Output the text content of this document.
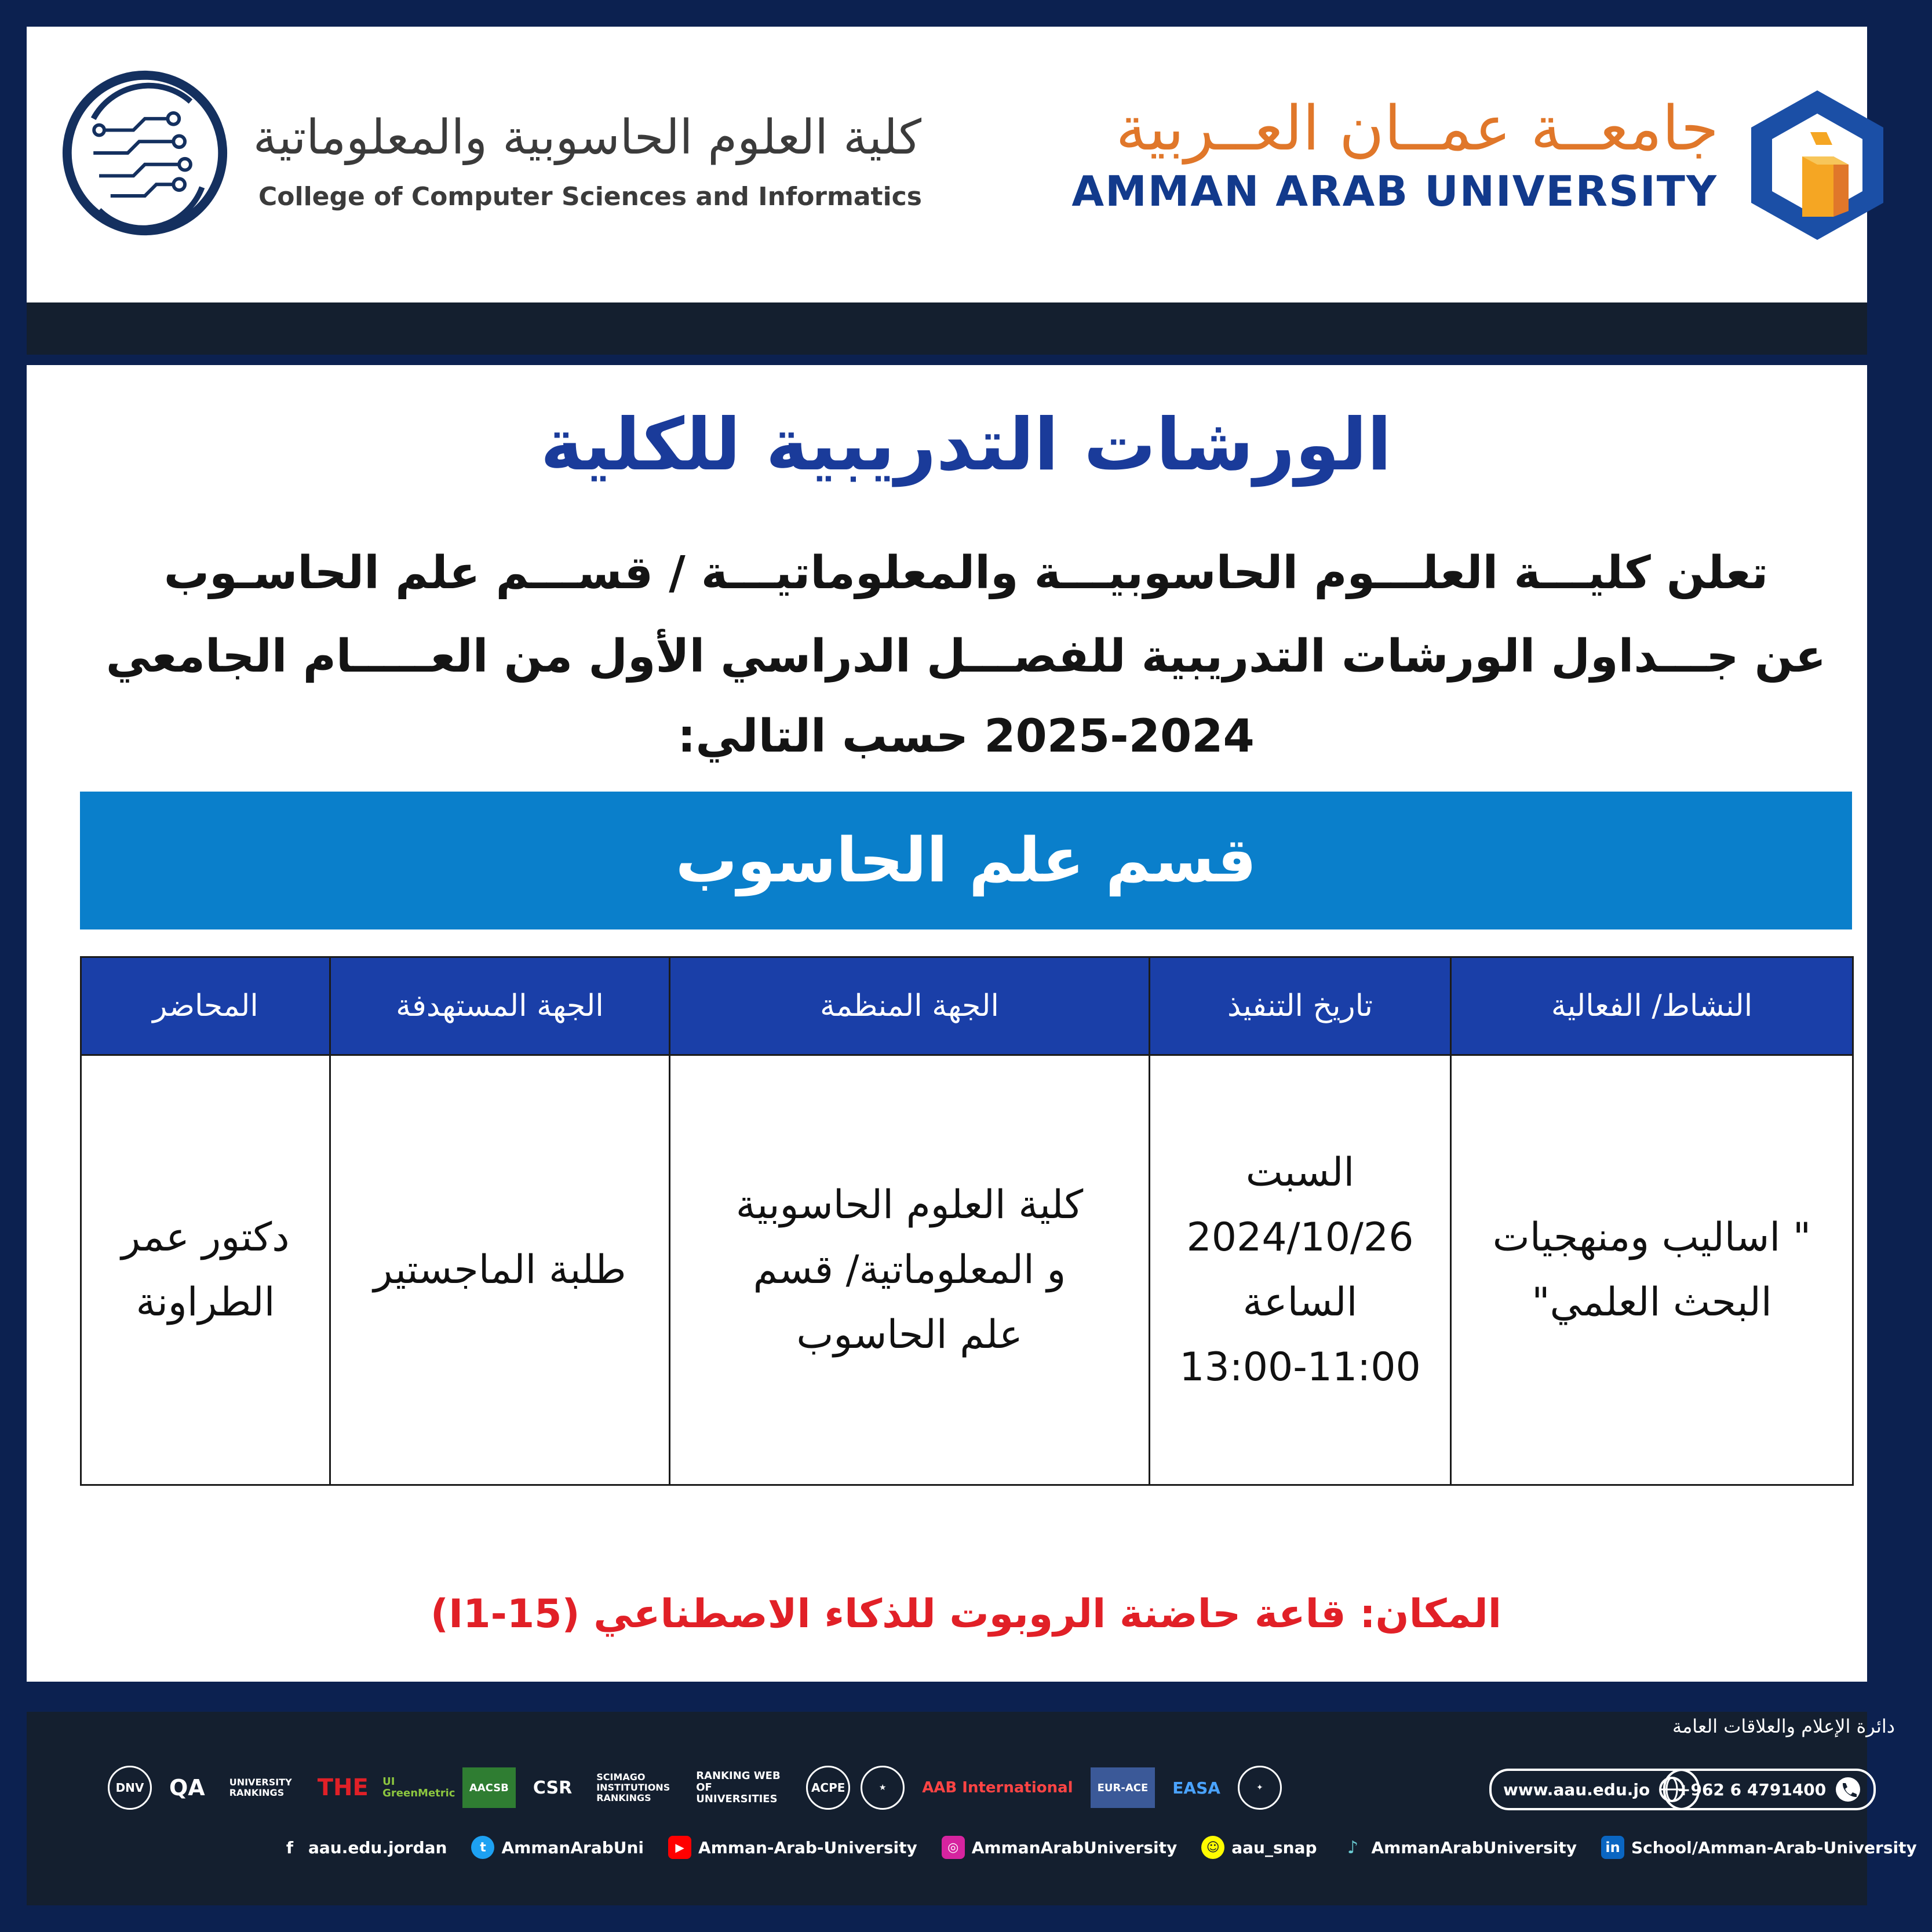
كلية العلوم الحاسوبية والمعلوماتية
College of Computer Sciences and Informatics
جامعــة عمــان العــربية
AMMAN ARAB UNIVERSITY
الورشات التدريبية للكلية
تعلن كليـــة العلـــوم الحاسوبيـــة والمعلوماتيـــة / قســـم علم الحاسـوب
عن جـــداول الورشات التدريبية للفصـــل الدراسي الأول من العـــــام الجامعي
2025-2024 حسب التالي:
قسم علم الحاسوب
النشاط/ الفعالية	تاريخ التنفيذ	الجهة المنظمة	الجهة المستهدفة	المحاضر
" اساليب ومنهجيات
البحث العلمي"	السبت
2024/10/26
الساعة
13:00-11:00	كلية العلوم الحاسوبية
و المعلوماتية/ قسم
علم الحاسوب	طلبة الماجستير	دكتور عمر
الطراونة
المكان: قاعة حاضنة الروبوت للذكاء الاصطناعي (15-I1)
دائرة الإعلام والعلاقات العامة
DNV	QA	UNIVERSITY RANKINGS	THE	UI GreenMetric	AACSB	CSR
SCIMAGO INSTITUTIONS RANKINGS
RANKING WEB OF UNIVERSITIES
ACPE	★	AAB International	EUR-ACE	EASA	✦	www.aau.edu.jo +962 6 4791400
f aau.edu.jordan	t AmmanArabUni	▶ Amman-Arab-University	◎ AmmanArabUniversity	☺ aau_snap	♪ AmmanArabUniversity	in School/Amman-Arab-University
